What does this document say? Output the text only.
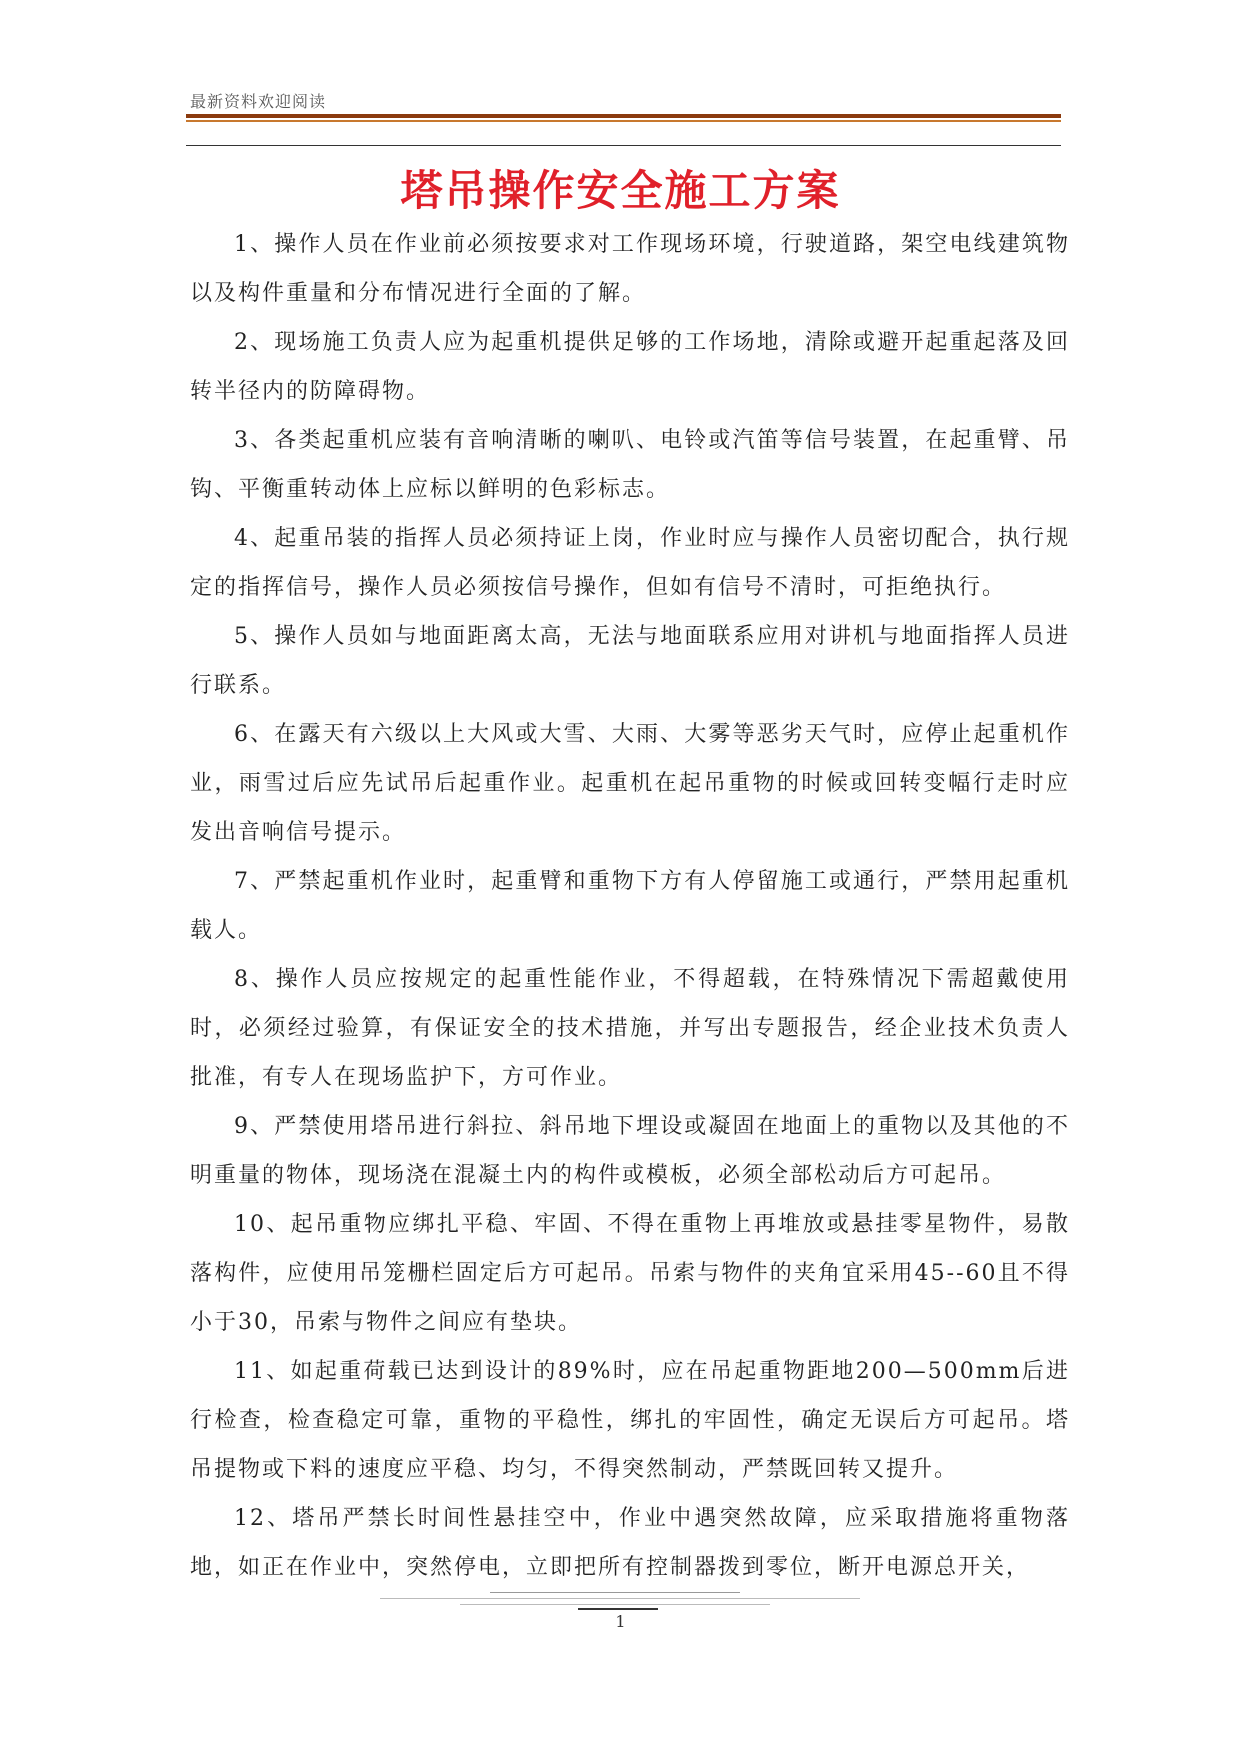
最新资料欢迎阅读
塔吊操作安全施工方案

1、操作人员在作业前必须按要求对工作现场环境，行驶道路，架空电线建筑物以及构件重量和分布情况进行全面的了解。

2、现场施工负责人应为起重机提供足够的工作场地，清除或避开起重起落及回转半径内的防障碍物。

3、各类起重机应装有音响清晰的喇叭、电铃或汽笛等信号装置，在起重臂、吊钩、平衡重转动体上应标以鲜明的色彩标志。

4、起重吊装的指挥人员必须持证上岗，作业时应与操作人员密切配合，执行规定的指挥信号，操作人员必须按信号操作，但如有信号不清时，可拒绝执行。

5、操作人员如与地面距离太高，无法与地面联系应用对讲机与地面指挥人员进行联系。

6、在露天有六级以上大风或大雪、大雨、大雾等恶劣天气时，应停止起重机作业，雨雪过后应先试吊后起重作业。起重机在起吊重物的时候或回转变幅行走时应发出音响信号提示。

7、严禁起重机作业时，起重臂和重物下方有人停留施工或通行，严禁用起重机载人。

8、操作人员应按规定的起重性能作业，不得超载，在特殊情况下需超戴使用时，必须经过验算，有保证安全的技术措施，并写出专题报告，经企业技术负责人批准，有专人在现场监护下，方可作业。

9、严禁使用塔吊进行斜拉、斜吊地下埋设或凝固在地面上的重物以及其他的不明重量的物体，现场浇在混凝土内的构件或模板，必须全部松动后方可起吊。

10、起吊重物应绑扎平稳、牢固、不得在重物上再堆放或悬挂零星物件，易散落构件，应使用吊笼栅栏固定后方可起吊。吊索与物件的夹角宜采用45--60且不得小于30，吊索与物件之间应有垫块。

11、如起重荷载已达到设计的89%时，应在吊起重物距地200—500mm后进行检查，检查稳定可靠，重物的平稳性，绑扎的牢固性，确定无误后方可起吊。塔吊提物或下料的速度应平稳、均匀，不得突然制动，严禁既回转又提升。

12、塔吊严禁长时间性悬挂空中，作业中遇突然故障，应采取措施将重物落地，如正在作业中，突然停电，立即把所有控制器拨到零位，断开电源总开关，

1
